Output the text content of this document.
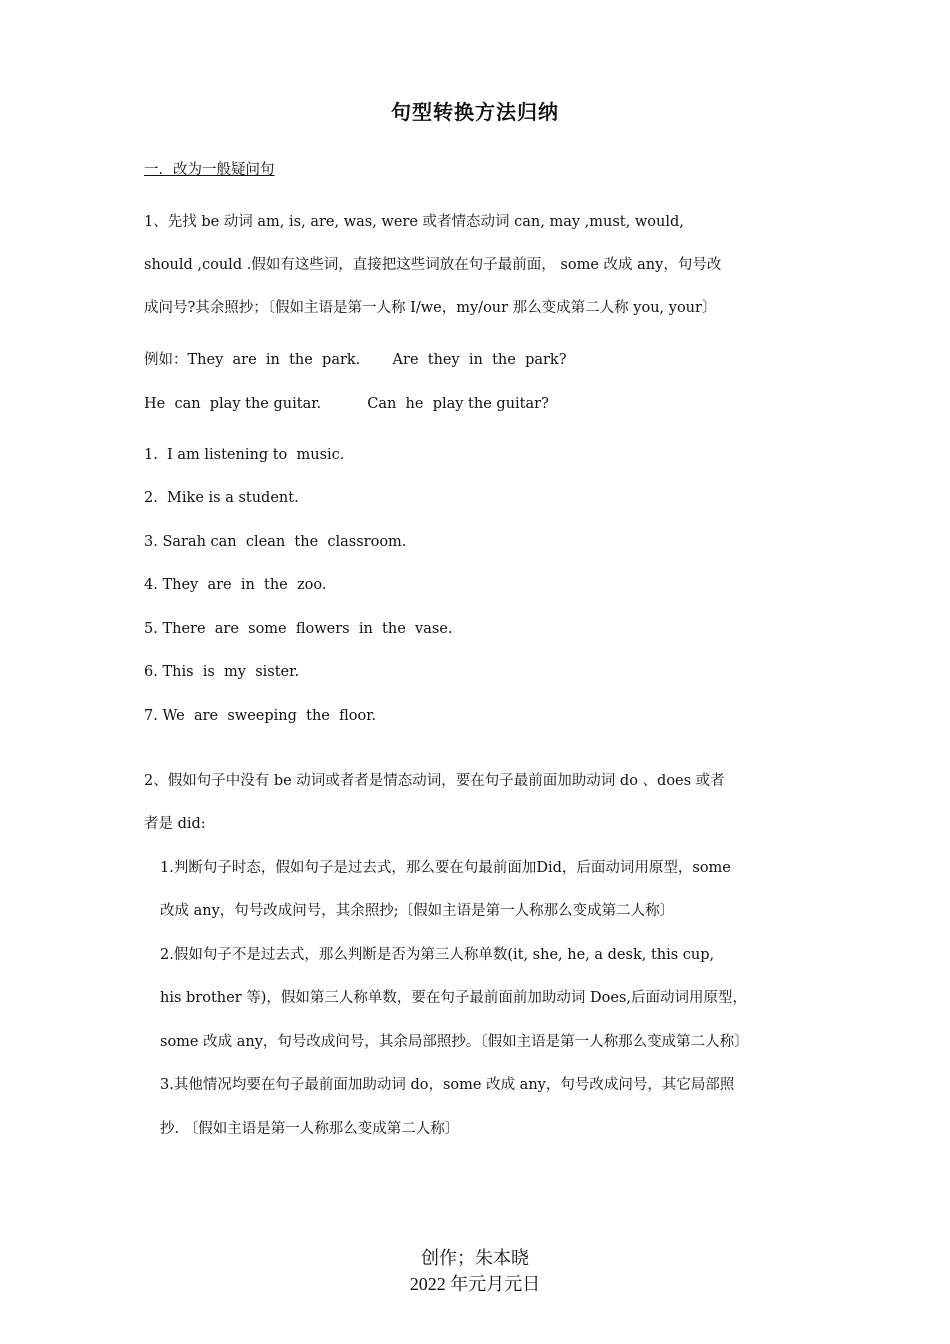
句型转换方法归纳
一．改为一般疑问句
1、先找 be 动词 am, is, are, was, were 或者情态动词 can, may ,must, would,
should ,could .假如有这些词，直接把这些词放在句子最前面， some 改成 any，句号改
成问号?其余照抄；〔假如主语是第一人称 I/we，my/our 那么变成第二人称 you, your〕
例如：They  are  in  the  park.       Are  they  in  the  park?
He  can  play the guitar.          Can  he  play the guitar?
1.  I am listening to  music.
2.  Mike is a student.
3. Sarah can  clean  the  classroom.
4. They  are  in  the  zoo.
5. There  are  some  flowers  in  the  vase.
6. This  is  my  sister.
7. We  are  sweeping  the  floor.
2、假如句子中没有 be 动词或者者是情态动词，要在句子最前面加助动词 do 、does 或者
者是 did:
1.判断句子时态，假如句子是过去式，那么要在句最前面加Did，后面动词用原型，some
改成 any，句号改成问号，其余照抄;〔假如主语是第一人称那么变成第二人称〕
2.假如句子不是过去式，那么判断是否为第三人称单数(it, she, he, a desk, this cup,
his brother 等)，假如第三人称单数，要在句子最前面前加助动词 Does,后面动词用原型，
some 改成 any，句号改成问号，其余局部照抄。〔假如主语是第一人称那么变成第二人称〕
3.其他情况均要在句子最前面加助动词 do，some 改成 any，句号改成问号，其它局部照
抄. 〔假如主语是第一人称那么变成第二人称〕
创作；朱本晓
2022 年元月元日
